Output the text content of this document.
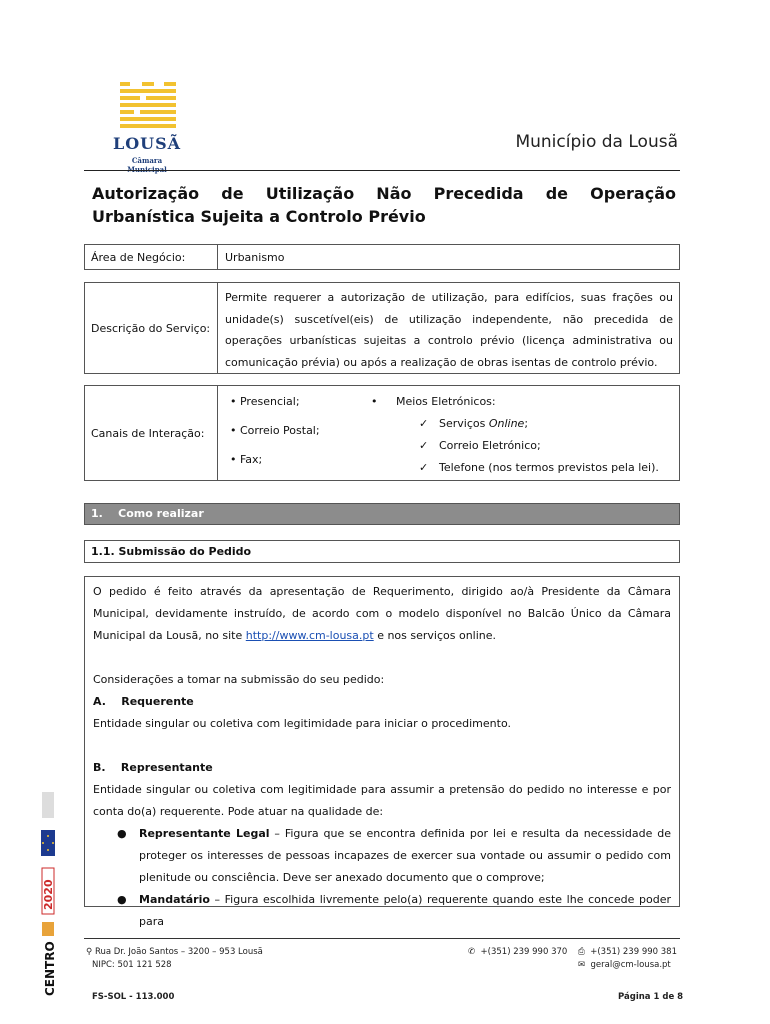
LOUSÃ
Câmara
Município da Lousã
Autorização de Utilização Não Precedida de Operação Urbanística Sujeita a Controlo Prévio
Área de Negócio:	Urbanismo
Descrição do Serviço:
Permite requerer a autorização de utilização, para edifícios, suas frações ou unidade(s) suscetível(eis) de utilização independente, não precedida de operações urbanísticas sujeitas a controlo prévio (licença administrativa ou comunicação prévia) ou após a realização de obras isentas de controlo prévio.
Canais de Interação:
• Presencial;
• Correio Postal;
• Fax;
• Meios Eletrónicos:
✓ Serviços Online;
✓ Correio Eletrónico;
✓ Telefone (nos termos previstos pela lei).
1. Como realizar
1.1. Submissão do Pedido

O pedido é feito através da apresentação de Requerimento, dirigido ao/à Presidente da Câmara Municipal, devidamente instruído, de acordo com o modelo disponível no Balcão Único da Câmara Municipal da Lousã, no site http://www.cm-lousa.pt e nos serviços online.

Considerações a tomar na submissão do seu pedido:

A. Requerente

Entidade singular ou coletiva com legitimidade para iniciar o procedimento.

B. Representante

Entidade singular ou coletiva com legitimidade para assumir a pretensão do pedido no interesse e por conta do(a) requerente. Pode atuar na qualidade de:

● Representante Legal – Figura que se encontra definida por lei e resulta da necessidade de proteger os interesses de pessoas incapazes de exercer sua vontade ou assumir o pedido com plenitude ou consciência. Deve ser anexado documento que o comprove;

● Mandatário – Figura escolhida livremente pelo(a) requerente quando este lhe concede poder para

2020
CENTRO	⚲ Rua Dr. João Santos – 3200 – 953 Lousã
NIPC: 501 121 528
✆ +(351) 239 990 370 ⎙ +(351) 239 990 381
✉ geral@cm-lousa.pt
FS-SOL - 113.000	Página 1 de 8
